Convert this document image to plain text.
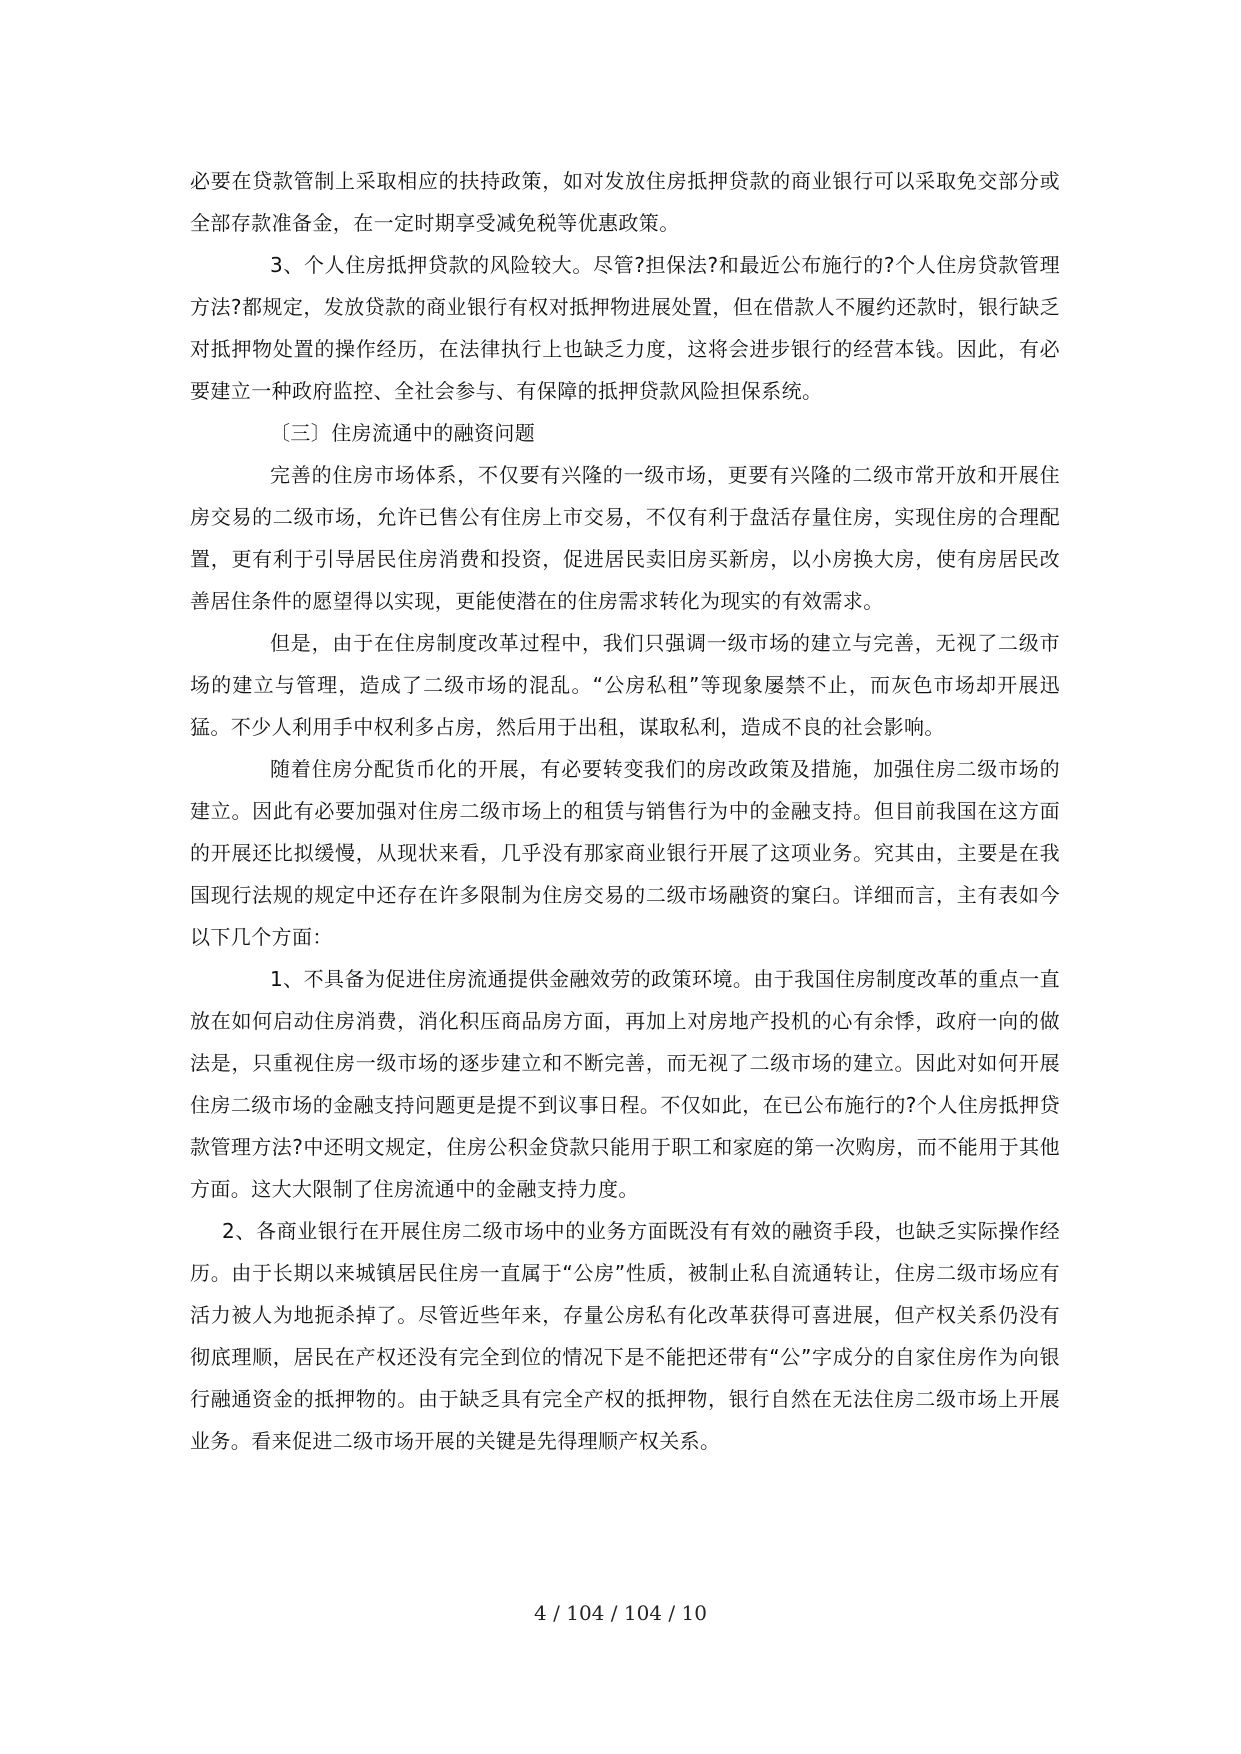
必要在贷款管制上采取相应的扶持政策，如对发放住房抵押贷款的商业银行可以采取免交部分或全部存款准备金，在一定时期享受减免税等优惠政策。

3、个人住房抵押贷款的风险较大。尽管?担保法?和最近公布施行的?个人住房贷款管理方法?都规定，发放贷款的商业银行有权对抵押物进展处置，但在借款人不履约还款时，银行缺乏对抵押物处置的操作经历，在法律执行上也缺乏力度，这将会进步银行的经营本钱。因此，有必要建立一种政府监控、全社会参与、有保障的抵押贷款风险担保系统。

〔三〕住房流通中的融资问题

完善的住房市场体系，不仅要有兴隆的一级市场，更要有兴隆的二级市常开放和开展住房交易的二级市场，允许已售公有住房上市交易，不仅有利于盘活存量住房，实现住房的合理配置，更有利于引导居民住房消费和投资，促进居民卖旧房买新房，以小房换大房，使有房居民改善居住条件的愿望得以实现，更能使潜在的住房需求转化为现实的有效需求。

但是，由于在住房制度改革过程中，我们只强调一级市场的建立与完善，无视了二级市场的建立与管理，造成了二级市场的混乱。“公房私租”等现象屡禁不止，而灰色市场却开展迅猛。不少人利用手中权利多占房，然后用于出租，谋取私利，造成不良的社会影响。

随着住房分配货币化的开展，有必要转变我们的房改政策及措施，加强住房二级市场的建立。因此有必要加强对住房二级市场上的租赁与销售行为中的金融支持。但目前我国在这方面的开展还比拟缓慢，从现状来看，几乎没有那家商业银行开展了这项业务。究其由，主要是在我国现行法规的规定中还存在许多限制为住房交易的二级市场融资的窠臼。详细而言，主有表如今以下几个方面：

1、不具备为促进住房流通提供金融效劳的政策环境。由于我国住房制度改革的重点一直放在如何启动住房消费，消化积压商品房方面，再加上对房地产投机的心有余悸，政府一向的做法是，只重视住房一级市场的逐步建立和不断完善，而无视了二级市场的建立。因此对如何开展住房二级市场的金融支持问题更是提不到议事日程。不仅如此，在已公布施行的?个人住房抵押贷款管理方法?中还明文规定，住房公积金贷款只能用于职工和家庭的第一次购房，而不能用于其他方面。这大大限制了住房流通中的金融支持力度。

2、各商业银行在开展住房二级市场中的业务方面既没有有效的融资手段，也缺乏实际操作经历。由于长期以来城镇居民住房一直属于“公房”性质，被制止私自流通转让，住房二级市场应有活力被人为地扼杀掉了。尽管近些年来，存量公房私有化改革获得可喜进展，但产权关系仍没有彻底理顺，居民在产权还没有完全到位的情况下是不能把还带有“公”字成分的自家住房作为向银行融通资金的抵押物的。由于缺乏具有完全产权的抵押物，银行自然在无法住房二级市场上开展业务。看来促进二级市场开展的关键是先得理顺产权关系。

4 / 104 / 104 / 10
